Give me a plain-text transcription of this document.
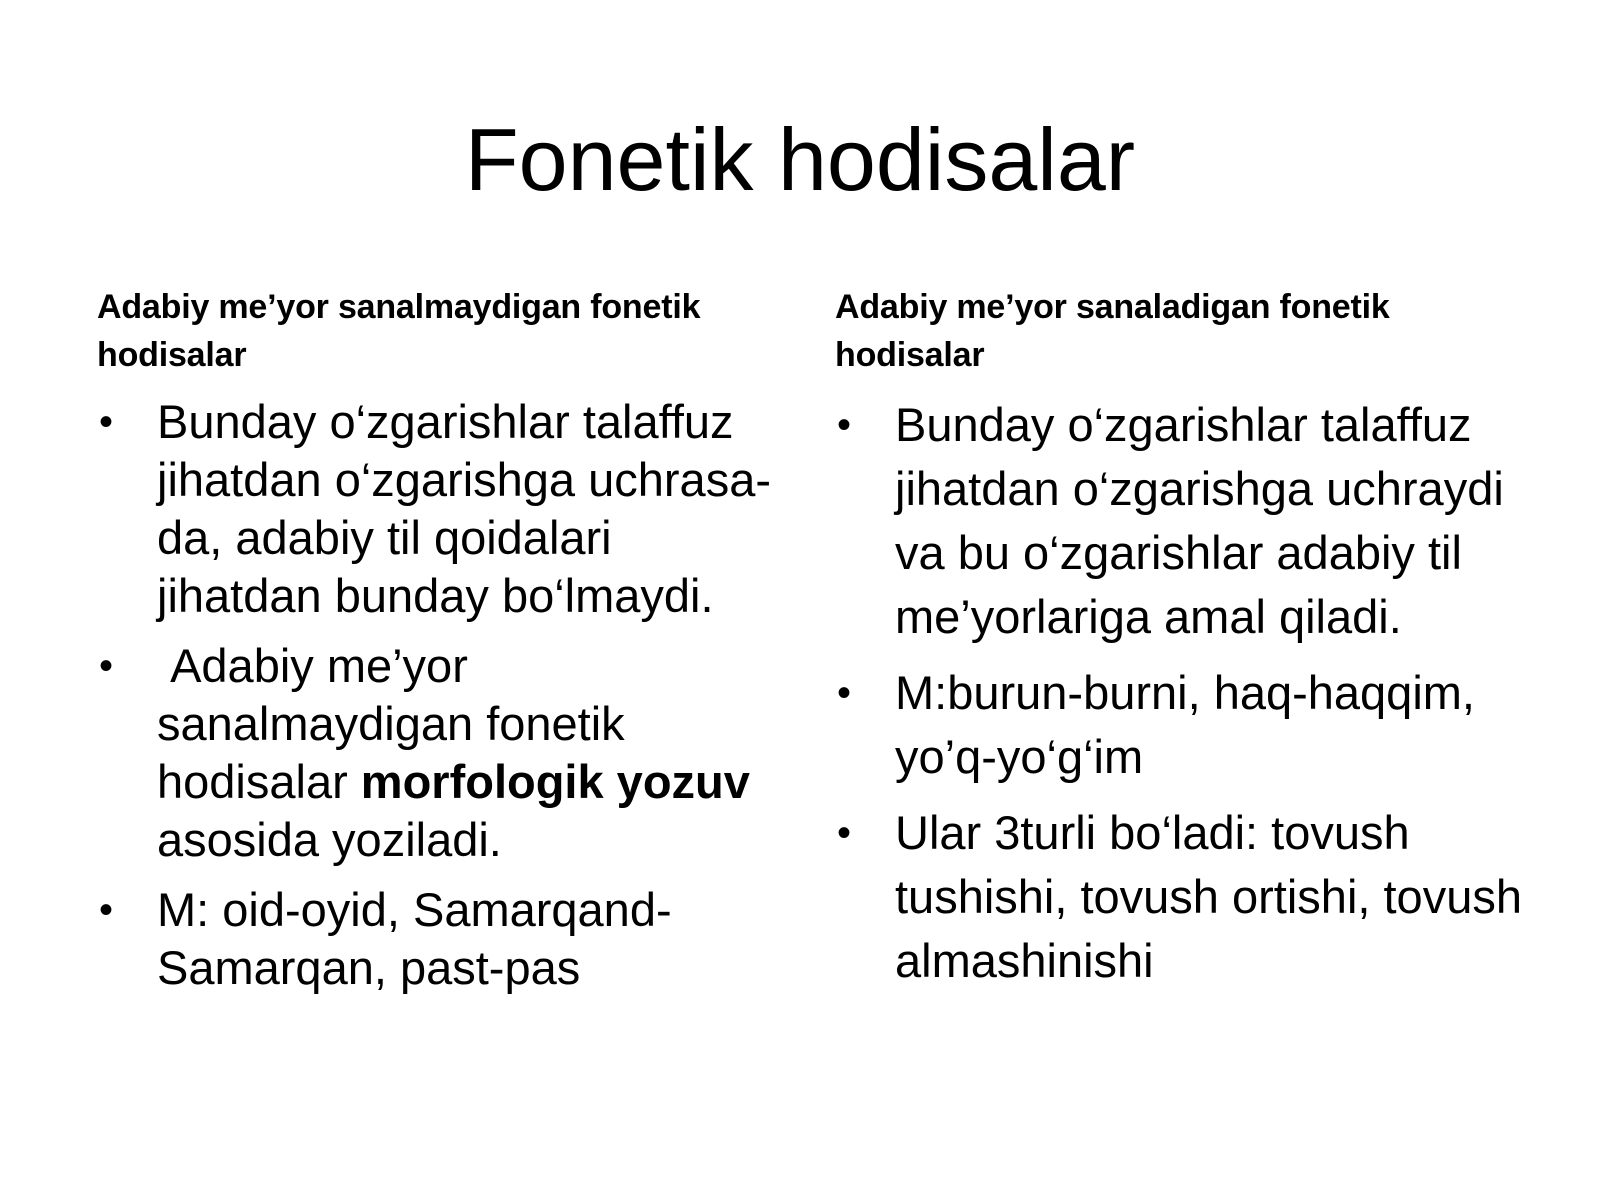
Fonetik hodisalar

Adabiy me’yor sanalmaydigan fonetik hodisalar

• Bunday o‘zgarishlar talaffuz jihatdan o‘zgarishga uchrasa-da, adabiy til qoidalari jihatdan bunday bo‘lmaydi.
• Adabiy me’yor sanalmaydigan fonetik hodisalar morfologik yozuv asosida yoziladi.
• M: oid-oyid, Samarqand-Samarqan, past-pas

Adabiy me’yor sanaladigan fonetik hodisalar

• Bunday o‘zgarishlar talaffuz jihatdan o‘zgarishga uchraydi va bu o‘zgarishlar adabiy til me’yorlariga amal qiladi.
• M:burun-burni, haq-haqqim, yo’q-yo‘g‘im
• Ular 3turli bo‘ladi: tovush tushishi, tovush ortishi, tovush almashinishi
